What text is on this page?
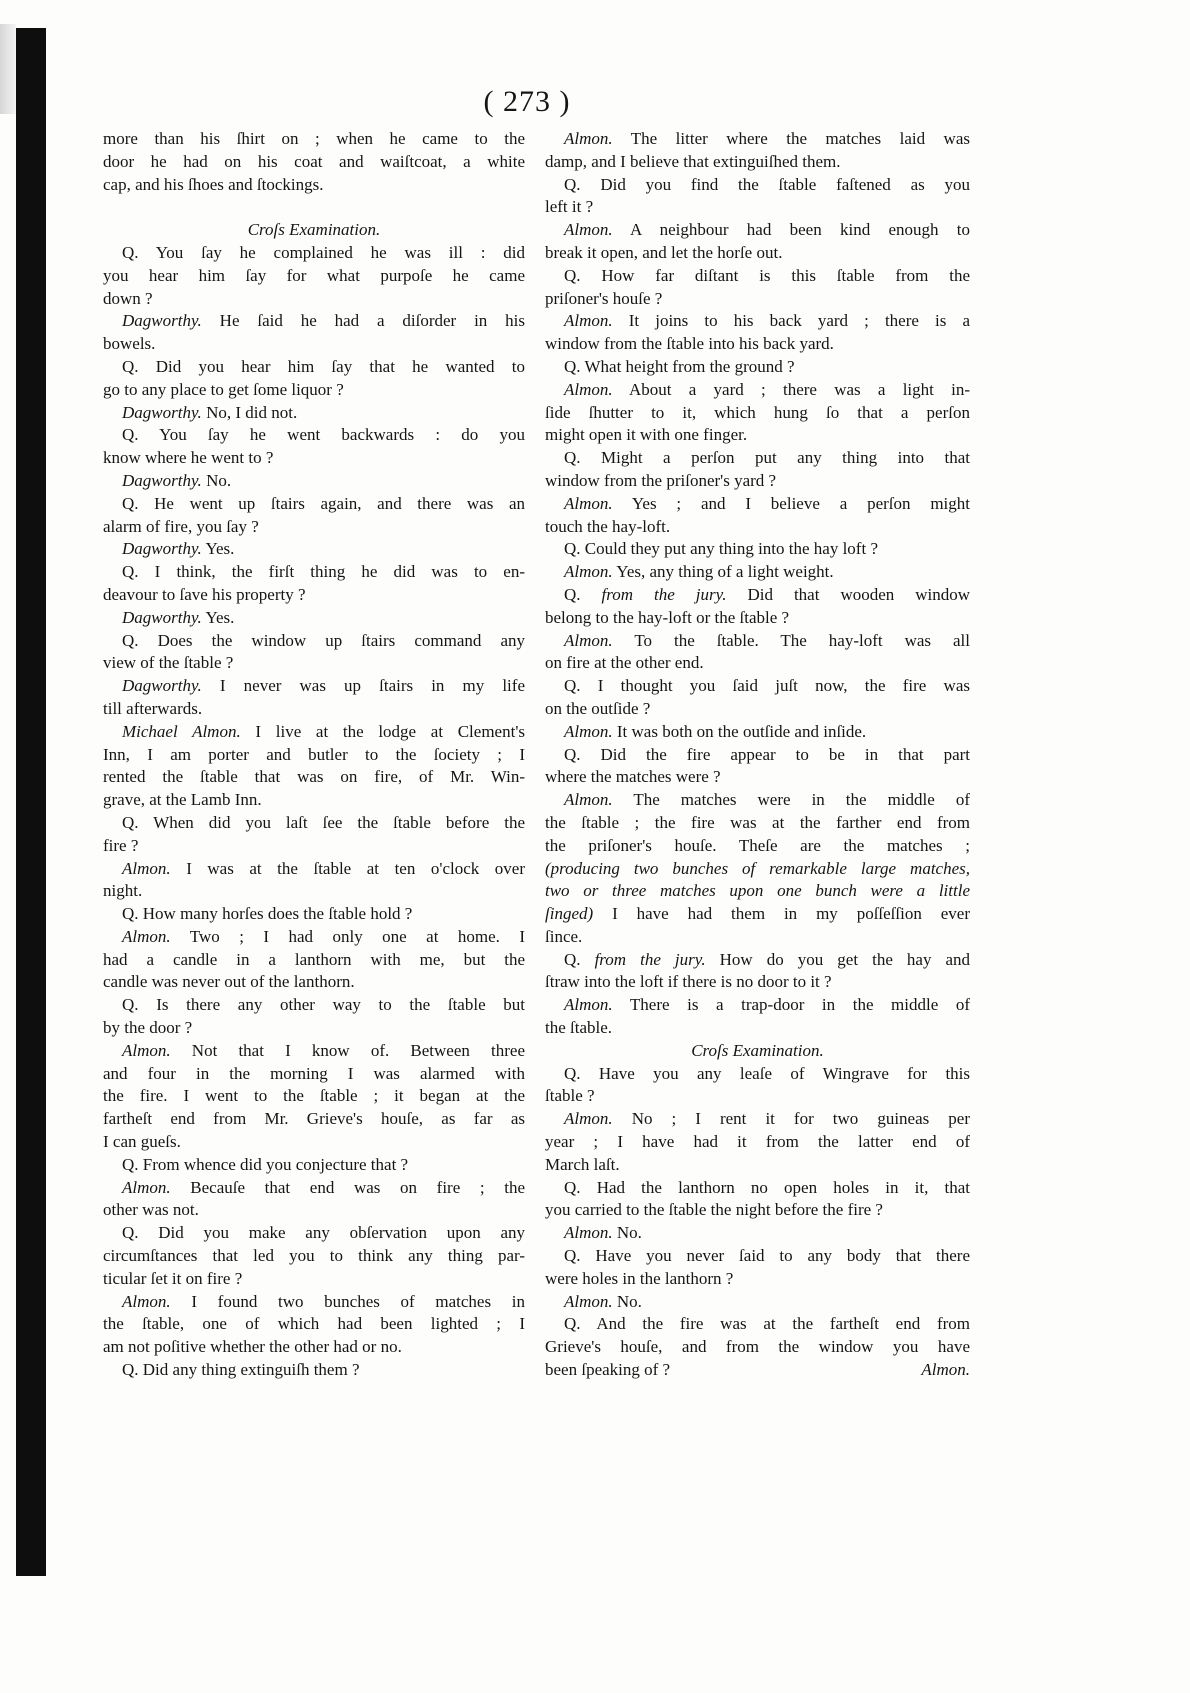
( 273 )
more than his ſhirt on ; when he came to the
door he had on his coat and waiſtcoat, a white
cap, and his ſhoes and ſtockings.
Croſs Examination.
Q. You ſay he complained he was ill : did
you hear him ſay for what purpoſe he came
down ?
Dagworthy. He ſaid he had a diſorder in his
bowels.
Q. Did you hear him ſay that he wanted to
go to any place to get ſome liquor ?
Dagworthy. No, I did not.
Q. You ſay he went backwards : do you
know where he went to ?
Dagworthy. No.
Q. He went up ſtairs again, and there was an
alarm of fire, you ſay ?
Dagworthy. Yes.
Q. I think, the firſt thing he did was to en-
deavour to ſave his property ?
Dagworthy. Yes.
Q. Does the window up ſtairs command any
view of the ſtable ?
Dagworthy. I never was up ſtairs in my life
till afterwards.
Michael Almon. I live at the lodge at Clement's
Inn, I am porter and butler to the ſociety ; I
rented the ſtable that was on fire, of Mr. Win-
grave, at the Lamb Inn.
Q. When did you laſt ſee the ſtable before the
fire ?
Almon. I was at the ſtable at ten o'clock over
night.
Q. How many horſes does the ſtable hold ?
Almon. Two ; I had only one at home. I
had a candle in a lanthorn with me, but the
candle was never out of the lanthorn.
Q. Is there any other way to the ſtable but
by the door ?
Almon. Not that I know of. Between three
and four in the morning I was alarmed with
the fire. I went to the ſtable ; it began at the
fartheſt end from Mr. Grieve's houſe, as far as
I can gueſs.
Q. From whence did you conjecture that ?
Almon. Becauſe that end was on fire ; the
other was not.
Q. Did you make any obſervation upon any
circumſtances that led you to think any thing par-
ticular ſet it on fire ?
Almon. I found two bunches of matches in
the ſtable, one of which had been lighted ; I
am not poſitive whether the other had or no.
Q. Did any thing extinguiſh them ?
Almon. The litter where the matches laid was
damp, and I believe that extinguiſhed them.
Q. Did you find the ſtable faſtened as you
left it ?
Almon. A neighbour had been kind enough to
break it open, and let the horſe out.
Q. How far diſtant is this ſtable from the
priſoner's houſe ?
Almon. It joins to his back yard ; there is a
window from the ſtable into his back yard.
Q. What height from the ground ?
Almon. About a yard ; there was a light in-
ſide ſhutter to it, which hung ſo that a perſon
might open it with one finger.
Q. Might a perſon put any thing into that
window from the priſoner's yard ?
Almon. Yes ; and I believe a perſon might
touch the hay-loft.
Q. Could they put any thing into the hay loft ?
Almon. Yes, any thing of a light weight.
Q. from the jury. Did that wooden window
belong to the hay-loft or the ſtable ?
Almon. To the ſtable. The hay-loft was all
on fire at the other end.
Q. I thought you ſaid juſt now, the fire was
on the outſide ?
Almon. It was both on the outſide and inſide.
Q. Did the fire appear to be in that part
where the matches were ?
Almon. The matches were in the middle of
the ſtable ; the fire was at the farther end from
the priſoner's houſe. Theſe are the matches ;
(producing two bunches of remarkable large matches,
two or three matches upon one bunch were a little
ſinged) I have had them in my poſſeſſion ever
ſince.
Q. from the jury. How do you get the hay and
ſtraw into the loft if there is no door to it ?
Almon. There is a trap-door in the middle of
the ſtable.
Croſs Examination.
Q. Have you any leaſe of Wingrave for this
ſtable ?
Almon. No ; I rent it for two guineas per
year ; I have had it from the latter end of
March laſt.
Q. Had the lanthorn no open holes in it, that
you carried to the ſtable the night before the fire ?
Almon. No.
Q. Have you never ſaid to any body that there
were holes in the lanthorn ?
Almon. No.
Q. And the fire was at the fartheſt end from
Grieve's houſe, and from the window you have
been ſpeaking of ?	Almon.
